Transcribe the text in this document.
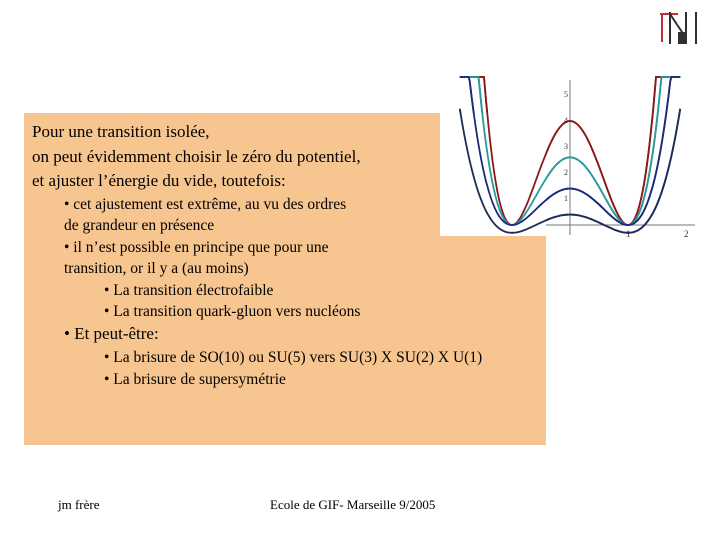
1	2
5
4
3
2
1
Pour une transition isolée,
on peut évidemment choisir le zéro du potentiel,
et ajuster l’énergie du vide, toutefois:
• cet ajustement est extrême, au vu des ordres
de grandeur en présence
• il n’est possible en principe que pour une
transition, or il y a (au moins)
• La transition électrofaible
• La transition quark-gluon vers nucléons
• Et peut-être:
• La brisure de SO(10) ou SU(5) vers SU(3) X SU(2) X U(1)
• La brisure de supersymétrie
jm frère	Ecole de GIF- Marseille 9/2005
